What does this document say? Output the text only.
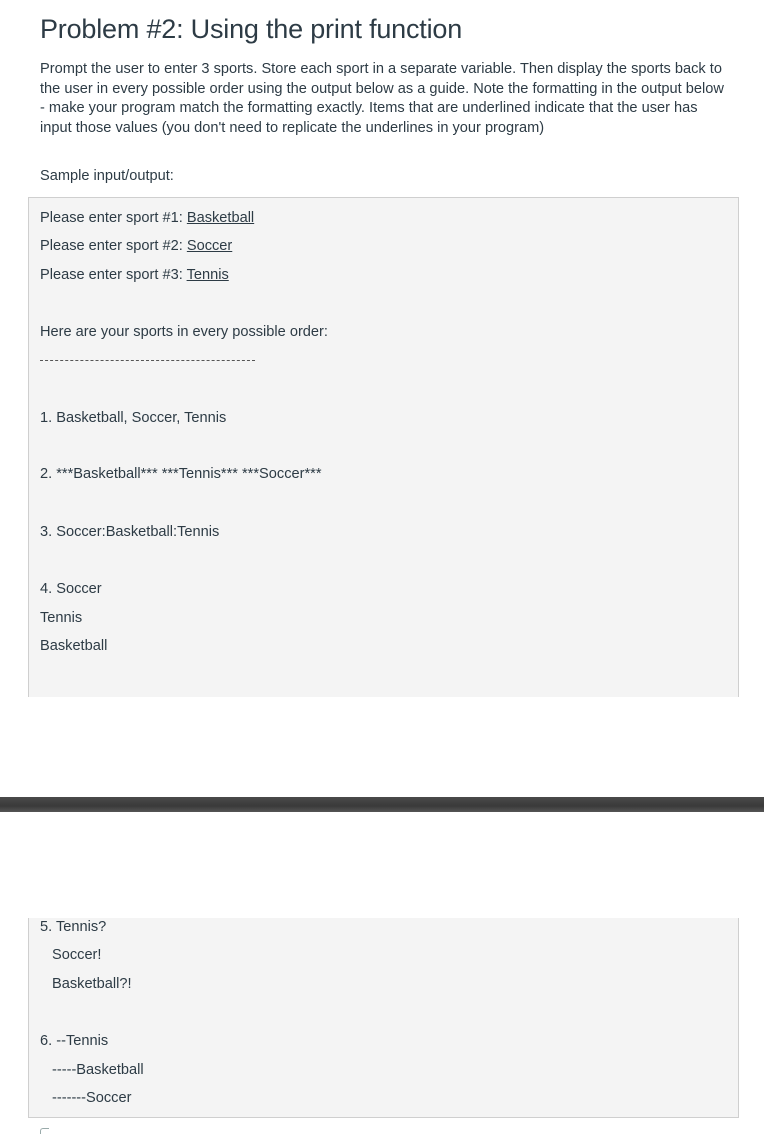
Problem #2: Using the print function

Prompt the user to enter 3 sports. Store each sport in a separate variable. Then display the sports back to the user in every possible order using the output below as a guide. Note the formatting in the output below - make your program match the formatting exactly. Items that are underlined indicate that the user has input those values (you don't need to replicate the underlines in your program)

Sample input/output:

Please enter sport #1: Basketball

Please enter sport #2: Soccer

Please enter sport #3: Tennis

Here are your sports in every possible order:

1. Basketball, Soccer, Tennis

2. ***Basketball*** ***Tennis*** ***Soccer***

3. Soccer:Basketball:Tennis

4. Soccer

Tennis

Basketball

5. Tennis?

Soccer!

Basketball?!

6. --Tennis

-----Basketball

-------Soccer
